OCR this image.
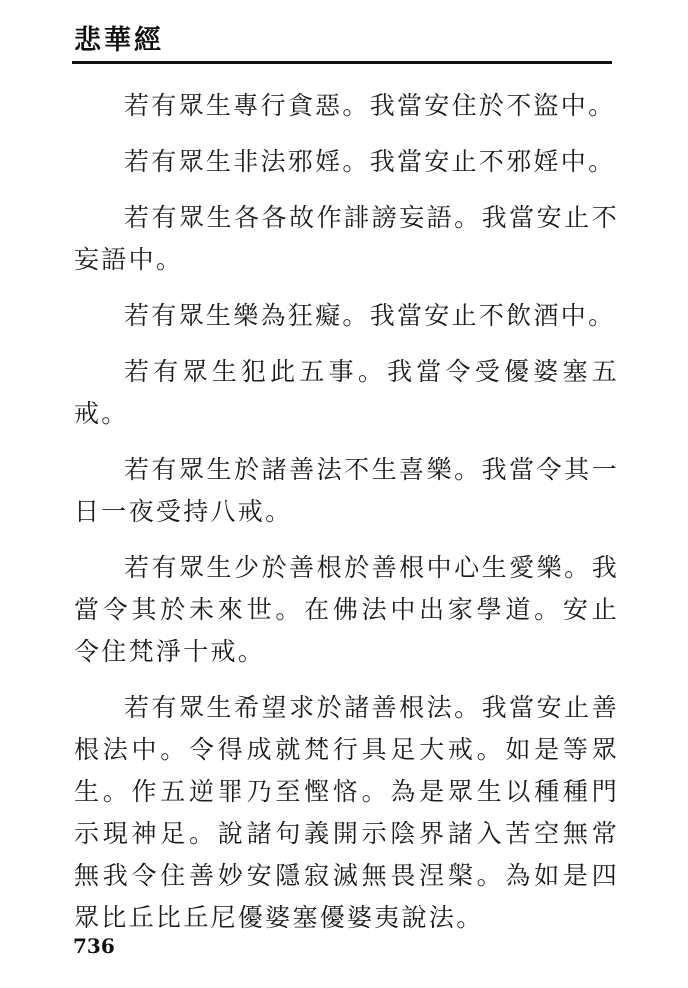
悲華經

若有眾生專行貪惡。我當安住於不盜中。

若有眾生非法邪婬。我當安止不邪婬中。

若有眾生各各故作誹謗妄語。我當安止不妄語中。

若有眾生樂為狂癡。我當安止不飲酒中。

若有眾生犯此五事。我當令受優婆塞五戒。

若有眾生於諸善法不生喜樂。我當令其一日一夜受持八戒。

若有眾生少於善根於善根中心生愛樂。我當令其於未來世。在佛法中出家學道。安止令住梵淨十戒。

若有眾生希望求於諸善根法。我當安止善根法中。令得成就梵行具足大戒。如是等眾生。作五逆罪乃至慳悋。為是眾生以種種門示現神足。說諸句義開示陰界諸入苦空無常無我令住善妙安隱寂滅無畏涅槃。為如是四眾比丘比丘尼優婆塞優婆夷說法。

736
